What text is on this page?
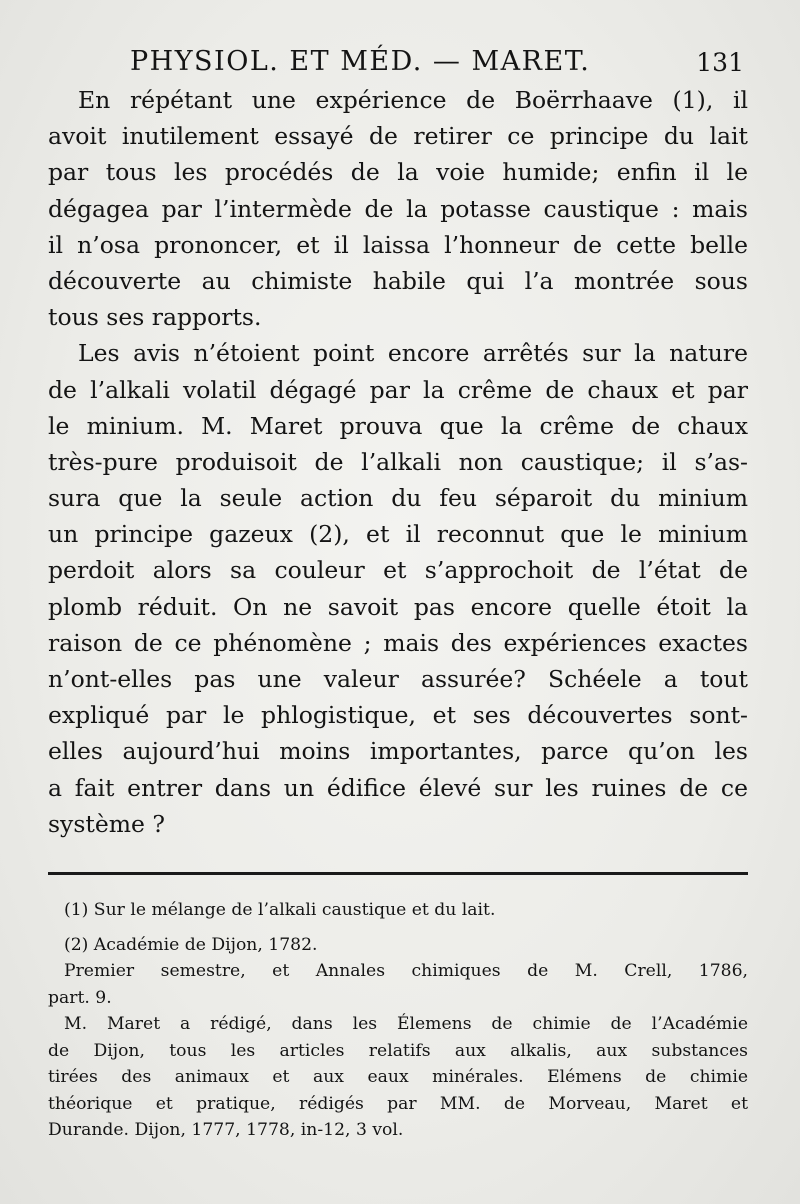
PHYSIOL. ET MÉD. — MARET.	131
En répétant une expérience de Boërrhaave (1), il
avoit inutilement essayé de retirer ce principe du lait
par tous les procédés de la voie humide; enfin il le
dégagea par l’intermède de la potasse caustique : mais
il n’osa prononcer, et il laissa l’honneur de cette belle
découverte au chimiste habile qui l’a montrée sous
tous ses rapports.
Les avis n’étoient point encore arrêtés sur la nature
de l’alkali volatil dégagé par la crême de chaux et par
le minium. M. Maret prouva que la crême de chaux
très-pure produisoit de l’alkali non caustique; il s’as-
sura que la seule action du feu séparoit du minium
un principe gazeux (2), et il reconnut que le minium
perdoit alors sa couleur et s’approchoit de l’état de
plomb réduit. On ne savoit pas encore quelle étoit la
raison de ce phénomène ; mais des expériences exactes
n’ont-elles pas une valeur assurée? Schéele a tout
expliqué par le phlogistique, et ses découvertes sont-
elles aujourd’hui moins importantes, parce qu’on les
a fait entrer dans un édifice élevé sur les ruines de ce
système ?
(1) Sur le mélange de l’alkali caustique et du lait.
(2) Académie de Dijon, 1782.
Premier semestre, et Annales chimiques de M. Crell, 1786,
part. 9.
M. Maret a rédigé, dans les Élemens de chimie de l’Académie
de Dijon, tous les articles relatifs aux alkalis, aux substances
tirées des animaux et aux eaux minérales. Elémens de chimie
théorique et pratique, rédigés par MM. de Morveau, Maret et
Durande. Dijon, 1777, 1778, in-12, 3 vol.
